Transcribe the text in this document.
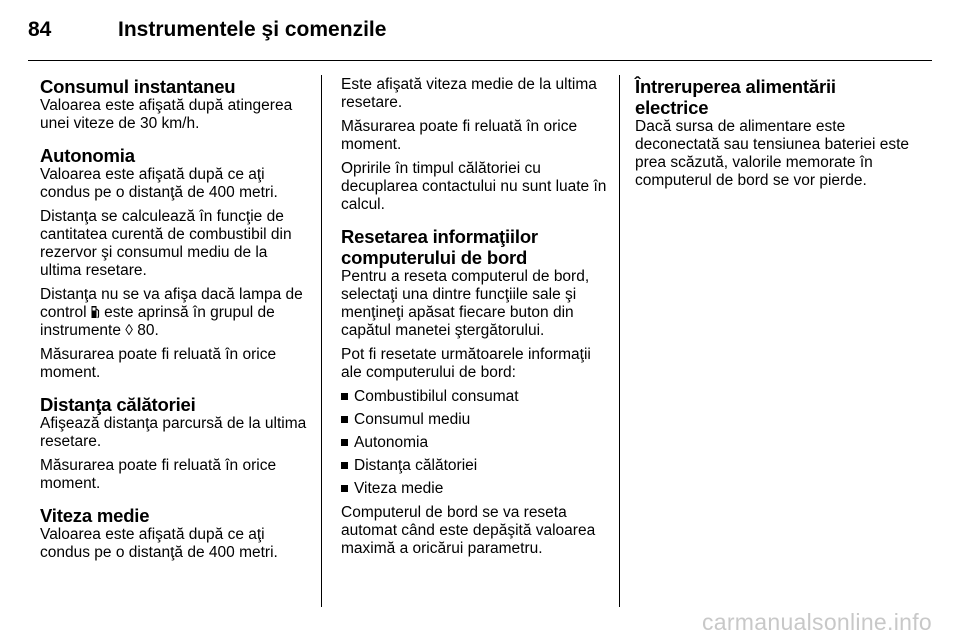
84	Instrumentele şi comenzile
Consumul instantaneu

Valoarea este afişată după atingerea unei viteze de 30 km/h.

Autonomia

Valoarea este afişată după ce aţi condus pe o distanţă de 400 metri.

Distanţa se calculează în funcţie de cantitatea curentă de combustibil din rezervor şi consumul mediu de la ultima resetare.

Distanţa nu se va afişa dacă lampa de control este aprinsă în grupul de instrumente ◊ 80.

Măsurarea poate fi reluată în orice moment.

Distanţa călătoriei

Afişează distanţa parcursă de la ultima resetare.

Măsurarea poate fi reluată în orice moment.

Viteza medie

Valoarea este afişată după ce aţi condus pe o distanţă de 400 metri.

Este afişată viteza medie de la ultima resetare.

Măsurarea poate fi reluată în orice moment.

Opririle în timpul călătoriei cu decuplarea contactului nu sunt luate în calcul.

Resetarea informaţiilor computerului de bord

Pentru a reseta computerul de bord, selectaţi una dintre funcţiile sale şi menţineţi apăsat fiecare buton din capătul manetei ştergătorului.

Pot fi resetate următoarele informaţii ale computerului de bord:

Combustibilul consumat
Consumul mediu
Autonomia
Distanţa călătoriei
Viteza medie

Computerul de bord se va reseta automat când este depăşită valoarea maximă a oricărui parametru.

Întreruperea alimentării electrice

Dacă sursa de alimentare este deconectată sau tensiunea bateriei este prea scăzută, valorile memorate în computerul de bord se vor pierde.

carmanualsonline.info
